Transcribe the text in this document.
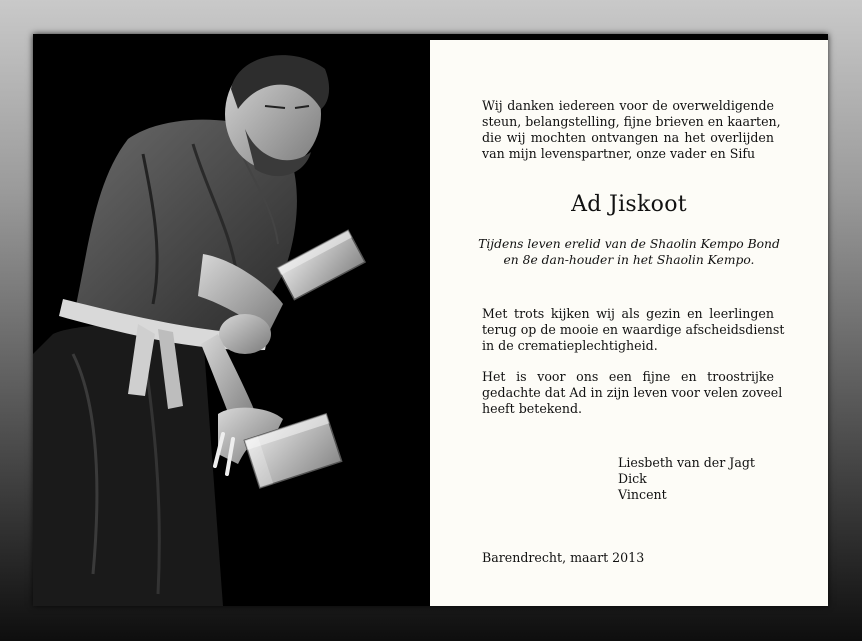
Wij danken iedereen voor de overweldigende
steun, belangstelling, fijne brieven en kaarten,
die wij mochten ontvangen na het overlijden
van mijn levenspartner, onze vader en Sifu
Ad Jiskoot
Tijdens leven erelid van de Shaolin Kempo Bond
en 8e dan-houder in het Shaolin Kempo.
Met trots kijken wij als gezin en leerlingen
terug op de mooie en waardige afscheidsdienst
in de crematieplechtigheid.
Het is voor ons een fijne en troostrijke
gedachte dat Ad in zijn leven voor velen zoveel
heeft betekend.
Liesbeth van der Jagt
Dick
Vincent
Barendrecht, maart 2013
